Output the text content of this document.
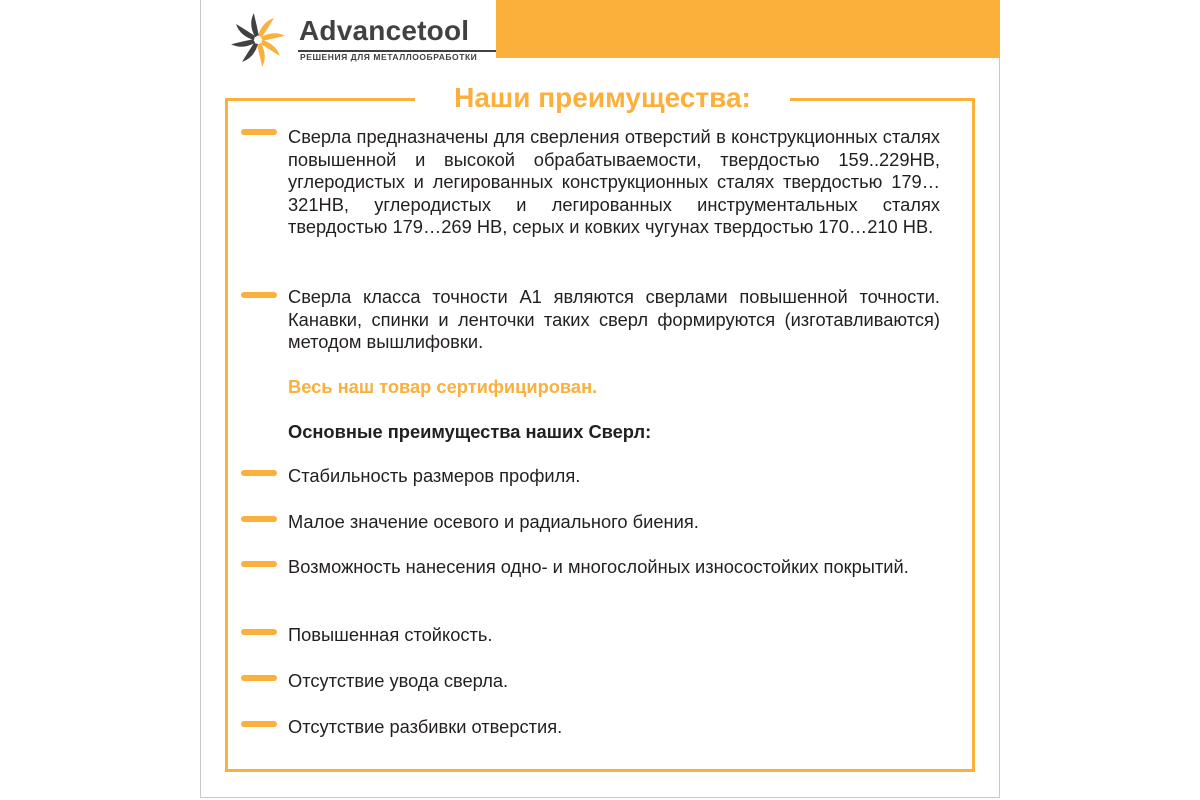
Advancetool
РЕШЕНИЯ ДЛЯ МЕТАЛЛООБРАБОТКИ
Наши преимущества:
Сверла предназначены для сверления отверстий в конструкционных сталях повышенной и высокой обрабатываемости, твердостью 159..229HB, углеродистых и легированных конструкционных сталях твердостью 179…321HB, углеродистых и легированных инструментальных сталях твердостью 179…269 HB, серых и ковких чугунах твердостью 170…210 HB.
Сверла класса точности А1 являются сверлами повышенной точности. Канавки, спинки и ленточки таких сверл формируются (изготавливаются) методом вышлифовки.
Весь наш товар сертифицирован.
Основные преимущества наших Сверл:
Стабильность размеров профиля.
Малое значение осевого и радиального биения.
Возможность нанесения одно- и многослойных износостойких покрытий.
Повышенная стойкость.
Отсутствие увода сверла.
Отсутствие разбивки отверстия.
